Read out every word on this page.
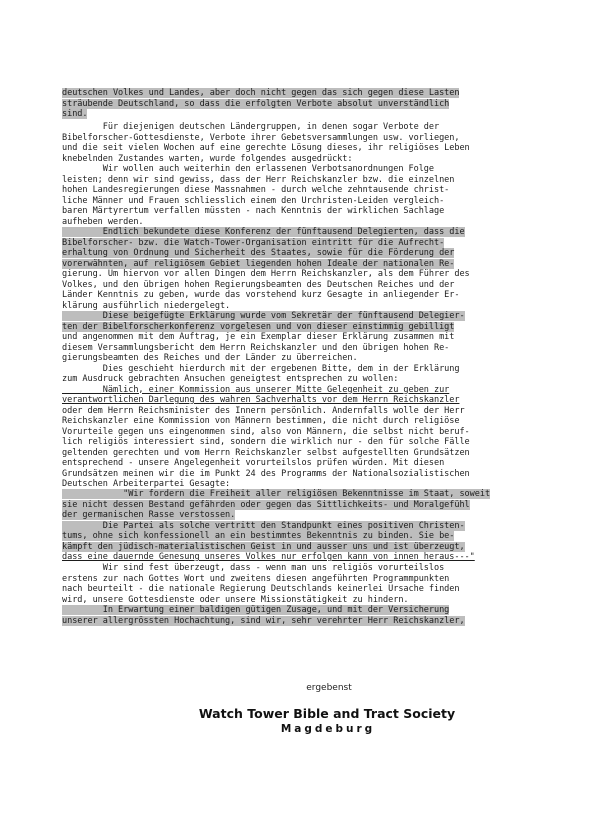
deutschen Volkes und Landes, aber doch nicht gegen das sich gegen diese Lasten
sträubende Deutschland, so dass die erfolgten Verbote absolut unverständlich
sind.
Für diejenigen deutschen Ländergruppen, in denen sogar Verbote der
Bibelforscher-Gottesdienste, Verbote ihrer Gebetsversammlungen usw. vorliegen,
und die seit vielen Wochen auf eine gerechte Lösung dieses, ihr religiöses Leben
knebelnden Zustandes warten, wurde folgendes ausgedrückt:
Wir wollen auch weiterhin den erlassenen Verbotsanordnungen Folge
leisten; denn wir sind gewiss, dass der Herr Reichskanzler bzw. die einzelnen
hohen Landesregierungen diese Massnahmen - durch welche zehntausende christ-
liche Männer und Frauen schliesslich einem den Urchristen-Leiden vergleich-
baren Märtyrertum verfallen müssten - nach Kenntnis der wirklichen Sachlage
aufheben werden.
Endlich bekundete diese Konferenz der fünftausend Delegierten, dass die
Bibelforscher- bzw. die Watch-Tower-Organisation eintritt für die Aufrecht-
erhaltung von Ordnung und Sicherheit des Staates, sowie für die Förderung der
vorerwähnten, auf religiösem Gebiet liegenden hohen Ideale der nationalen Re-
gierung. Um hiervon vor allen Dingen dem Herrn Reichskanzler, als dem Führer des
Volkes, und den übrigen hohen Regierungsbeamten des Deutschen Reiches und der
Länder Kenntnis zu geben, wurde das vorstehend kurz Gesagte in anliegender Er-
klärung ausführlich niedergelegt.
Diese beigefügte Erklärung wurde vom Sekretär der fünftausend Delegier-
ten der Bibelforscherkonferenz vorgelesen und von dieser einstimmig gebilligt
und angenommen mit dem Auftrag, je ein Exemplar dieser Erklärung zusammen mit
diesem Versammlungsbericht dem Herrn Reichskanzler und den übrigen hohen Re-
gierungsbeamten des Reiches und der Länder zu überreichen.
Dies geschieht hierdurch mit der ergebenen Bitte, dem in der Erklärung
zum Ausdruck gebrachten Ansuchen geneigtest entsprechen zu wollen:
Nämlich, einer Kommission aus unserer Mitte Gelegenheit zu geben zur
verantwortlichen Darlegung des wahren Sachverhalts vor dem Herrn Reichskanzler
oder dem Herrn Reichsminister des Innern persönlich. Andernfalls wolle der Herr
Reichskanzler eine Kommission von Männern bestimmen, die nicht durch religiöse
Vorurteile gegen uns eingenommen sind, also von Männern, die selbst nicht beruf-
lich religiös interessiert sind, sondern die wirklich nur - den für solche Fälle
geltenden gerechten und vom Herrn Reichskanzler selbst aufgestellten Grundsätzen
entsprechend - unsere Angelegenheit vorurteilslos prüfen würden. Mit diesen
Grundsätzen meinen wir die im Punkt 24 des Programms der Nationalsozialistischen
Deutschen Arbeiterpartei Gesagte:
"Wir fordern die Freiheit aller religiösen Bekenntnisse im Staat, soweit
sie nicht dessen Bestand gefährden oder gegen das Sittlichkeits- und Moralgefühl
der germanischen Rasse verstossen.
Die Partei als solche vertritt den Standpunkt eines positiven Christen-
tums, ohne sich konfessionell an ein bestimmtes Bekenntnis zu binden. Sie be-
kämpft den jüdisch-materialistischen Geist in und ausser uns und ist überzeugt,
dass eine dauernde Genesung unseres Volkes nur erfolgen kann von innen heraus---"
Wir sind fest überzeugt, dass - wenn man uns religiös vorurteilslos
erstens zur nach Gottes Wort und zweitens diesen angeführten Programmpunkten
nach beurteilt - die nationale Regierung Deutschlands keinerlei Ursache finden
wird, unsere Gottesdienste oder unsere Missionstätigkeit zu hindern.
In Erwartung einer baldigen gütigen Zusage, und mit der Versicherung
unserer allergrössten Hochachtung, sind wir, sehr verehrter Herr Reichskanzler,
ergebenst
Watch Tower Bible and Tract Society
Magdeburg
